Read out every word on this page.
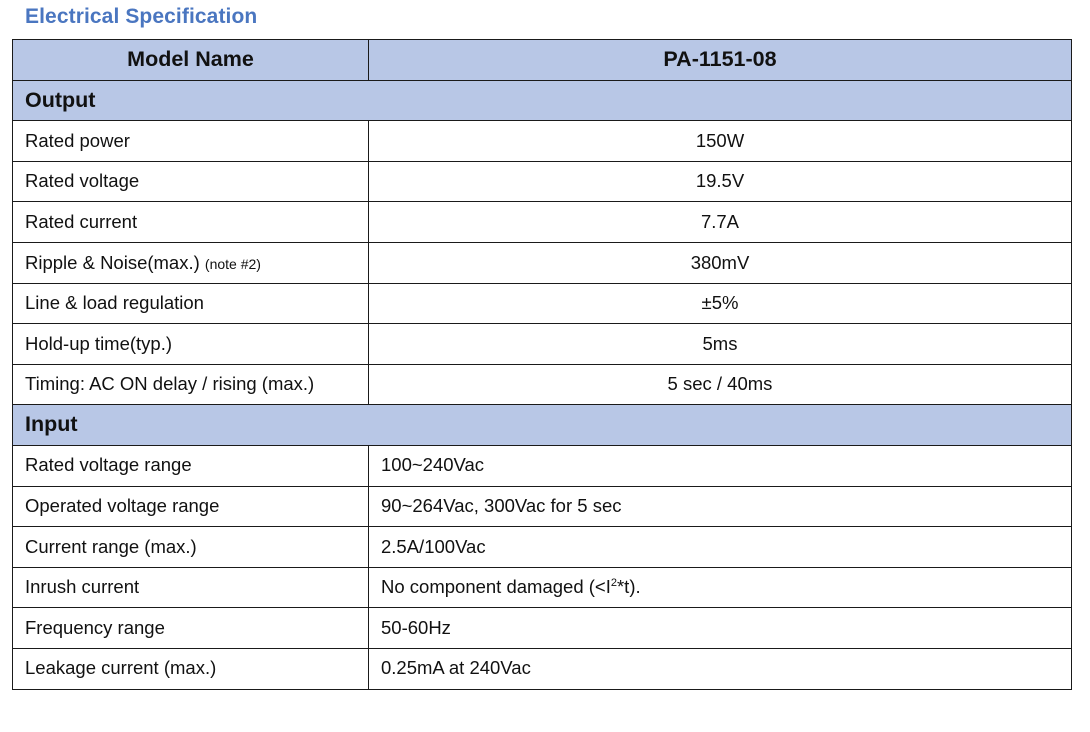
Electrical Specification
Model Name	PA-1151-08
Output	
Rated power	150W
Rated voltage	19.5V
Rated current	7.7A
Ripple & Noise(max.) (note #2)	380mV
Line & load regulation	±5%
Hold-up time(typ.)	5ms
Timing: AC ON delay / rising (max.)	5 sec / 40ms
Input	
Rated voltage range	100~240Vac
Operated voltage range	90~264Vac, 300Vac for 5 sec
Current range (max.)	2.5A/100Vac
Inrush current	No component damaged $(<I^2*t)$.
Frequency range	50-60Hz
Leakage current (max.)	0.25mA at 240Vac
